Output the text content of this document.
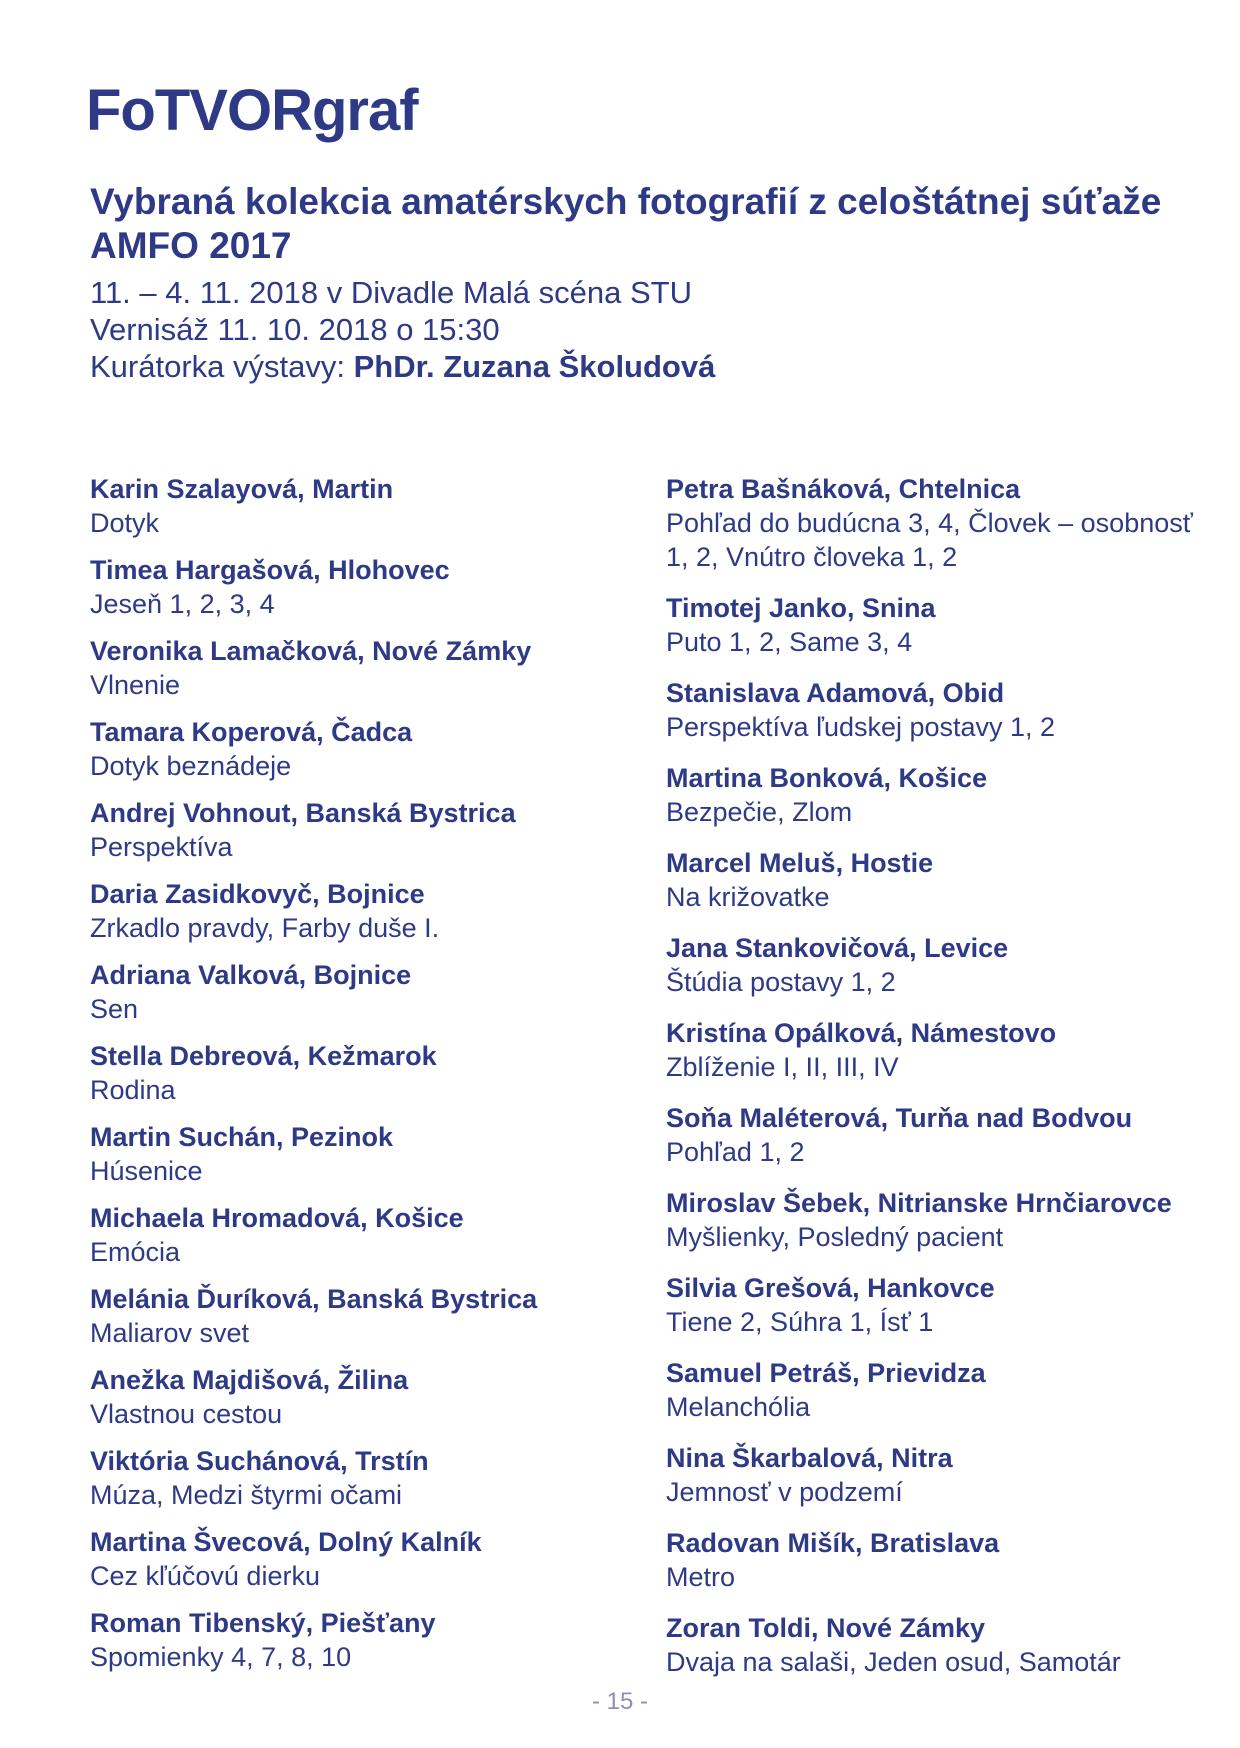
FoTVORgraf
Vybraná kolekcia amatérskych fotografií z celoštátnej súťaže AMFO 2017
11. – 4. 11. 2018 v Divadle Malá scéna STU
Vernisáž 11. 10. 2018 o 15:30
Kurátorka výstavy: PhDr. Zuzana Školudová
Karin Szalayová, Martin
Dotyk
Timea Hargašová, Hlohovec
Jeseň 1, 2, 3, 4
Veronika Lamačková, Nové Zámky
Vlnenie
Tamara Koperová, Čadca
Dotyk beznádeje
Andrej Vohnout, Banská Bystrica
Perspektíva
Daria Zasidkovyč, Bojnice
Zrkadlo pravdy, Farby duše I.
Adriana Valková, Bojnice
Sen
Stella Debreová, Kežmarok
Rodina
Martin Suchán, Pezinok
Húsenice
Michaela Hromadová, Košice
Emócia
Melánia Ďuríková, Banská Bystrica
Maliarov svet
Anežka Majdišová, Žilina
Vlastnou cestou
Viktória Suchánová, Trstín
Múza, Medzi štyrmi očami
Martina Švecová, Dolný Kalník
Cez kľúčovú dierku
Roman Tibenský, Piešťany
Spomienky 4, 7, 8, 10
Petra Bašnáková, Chtelnica
Pohľad do budúcna 3, 4, Človek – osobnosť 1, 2, Vnútro človeka 1, 2
Timotej Janko, Snina
Puto 1, 2, Same 3, 4
Stanislava Adamová, Obid
Perspektíva ľudskej postavy 1, 2
Martina Bonková, Košice
Bezpečie, Zlom
Marcel Meluš, Hostie
Na križovatke
Jana Stankovičová, Levice
Štúdia postavy 1, 2
Kristína Opálková, Námestovo
Zblíženie I, II, III, IV
Soňa Maléterová, Turňa nad Bodvou
Pohľad 1, 2
Miroslav Šebek, Nitrianske Hrnčiarovce
Myšlienky, Posledný pacient
Silvia Grešová, Hankovce
Tiene 2, Súhra 1, Ísť 1
Samuel Petráš, Prievidza
Melanchólia
Nina Škarbalová, Nitra
Jemnosť v podzemí
Radovan Mišík, Bratislava
Metro
Zoran Toldi, Nové Zámky
Dvaja na salaši, Jeden osud, Samotár
- 15 -
